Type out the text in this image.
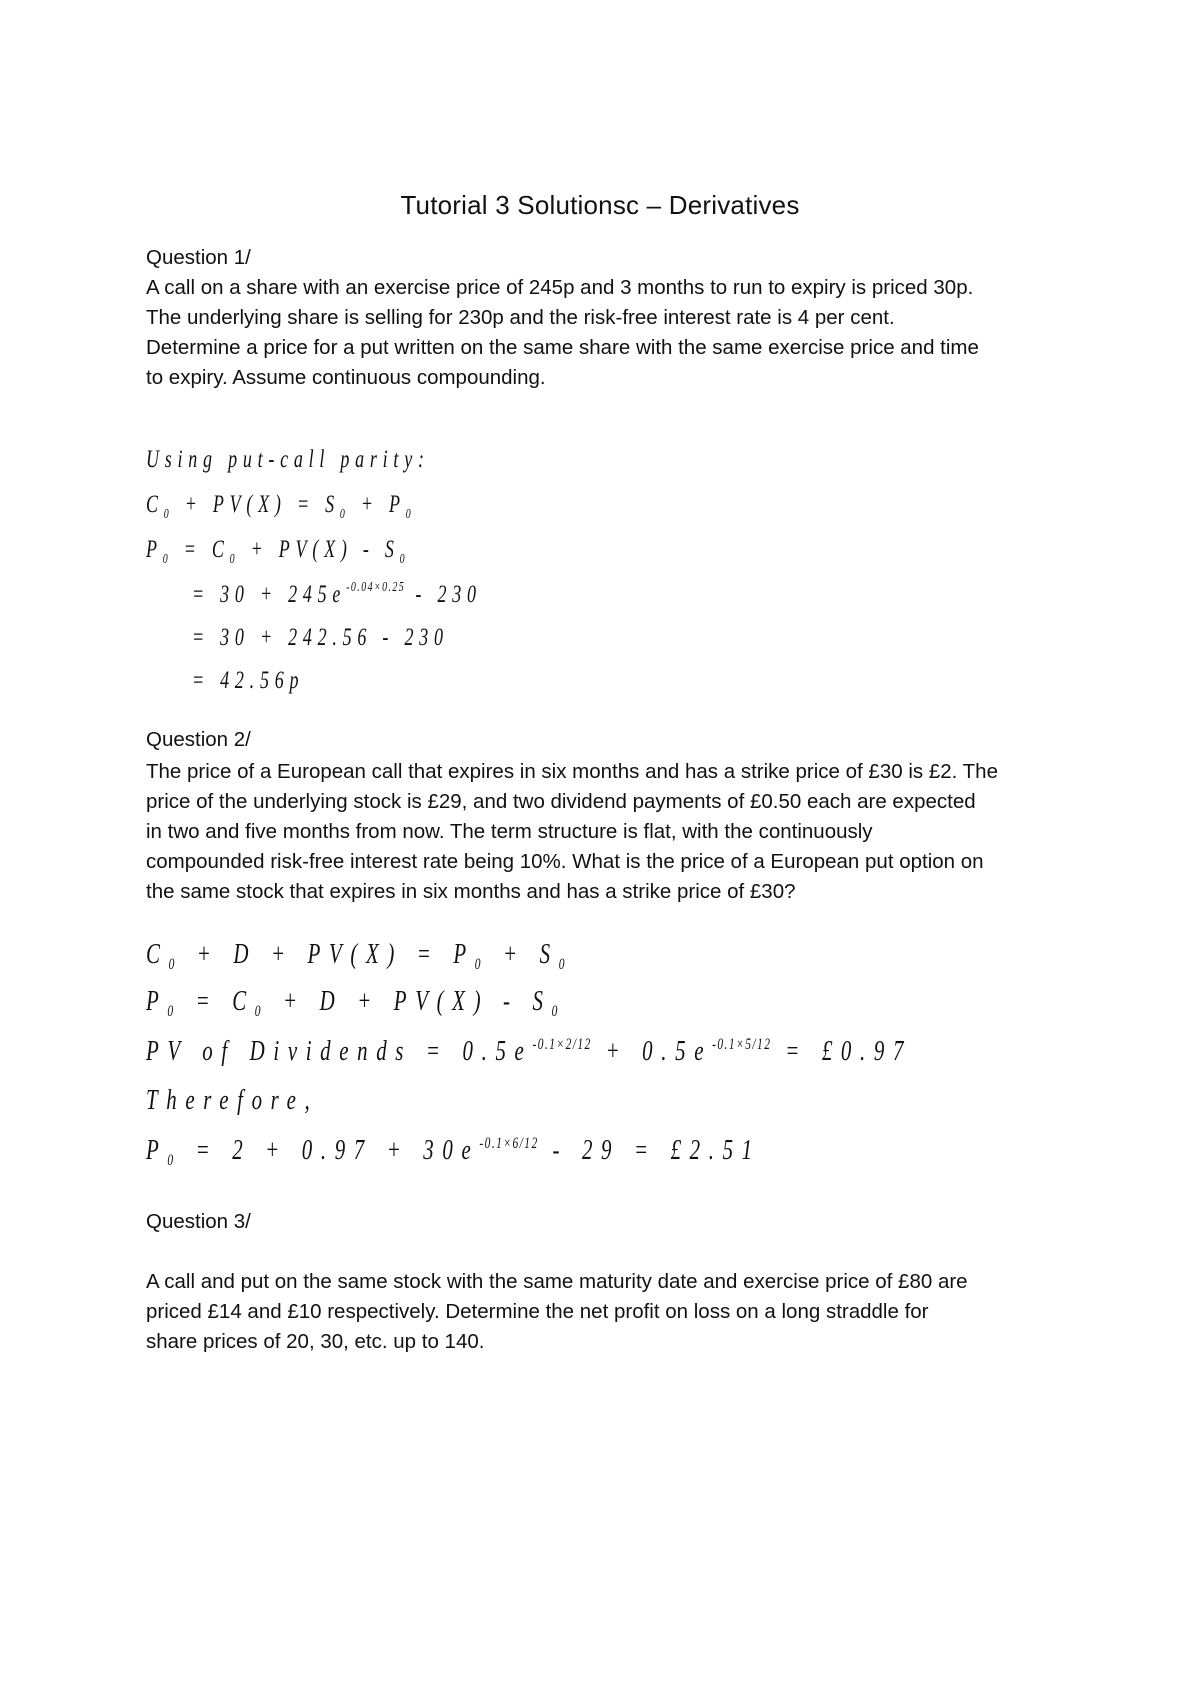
Tutorial 3 Solutionsc – Derivatives
Question 1/

A call on a share with an exercise price of 245p and 3 months to run to expiry is priced 30p.

The underlying share is selling for 230p and the risk-free interest rate is 4 per cent.

Determine a price for a put written on the same share with the same exercise price and time

to expiry. Assume continuous compounding.

Using put-call parity:
$C_0 + PV(X) = S_0 + P_0$
$P_0 = C_0 + PV(X) - S_0$
= $30 + 245e^{-0.04\times 0.25} - 230$
= 30 + 242.56 - 230
= 42.56p
Question 2/

The price of a European call that expires in six months and has a strike price of £30 is £2. The

price of the underlying stock is £29, and two dividend payments of £0.50 each are expected

in two and five months from now. The term structure is flat, with the continuously

compounded risk-free interest rate being 10%. What is the price of a European put option on

the same stock that expires in six months and has a strike price of £30?

$C_0 + D + PV(X) = P_0 + S_0$
$P_0 = C_0 + D + PV(X) - S_0$
PV of Dividends = $0.5e^{-0.1\times 2/12} + 0.5e^{-0.1\times 5/12}$ = £0.97
Therefore,
$P_0 = 2 + 0.97 + 30e^{-0.1\times 6/12} - 29$ = £2.51
Question 3/

A call and put on the same stock with the same maturity date and exercise price of £80 are

priced £14 and £10 respectively. Determine the net profit on loss on a long straddle for

share prices of 20, 30, etc. up to 140.
